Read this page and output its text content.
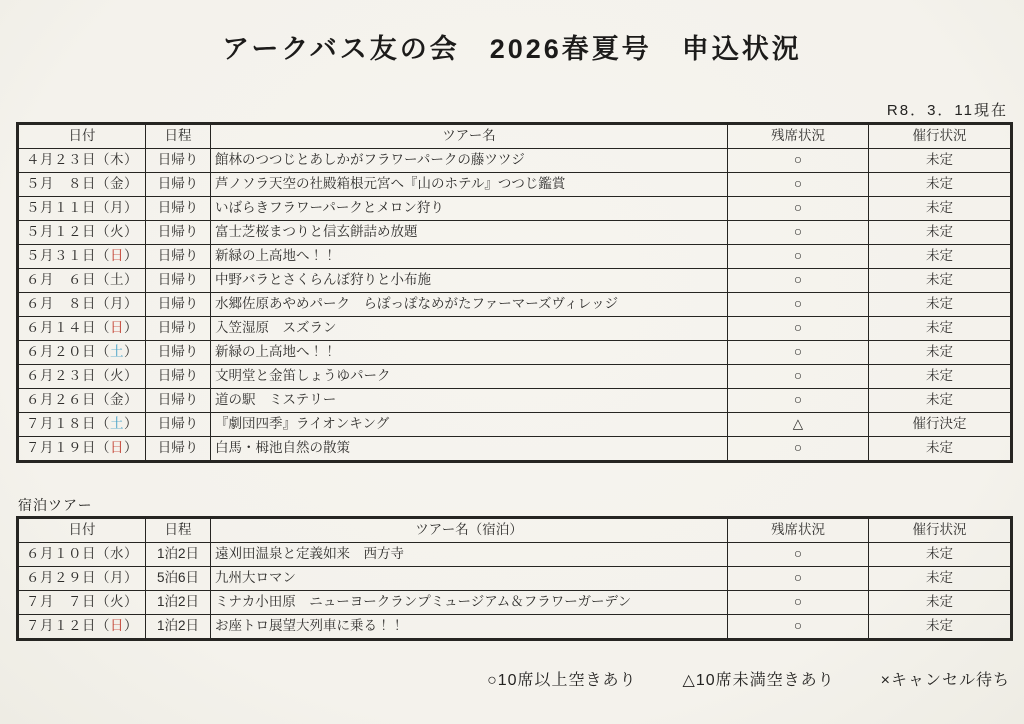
アークバス友の会　2026春夏号　申込状況
R8．3．11現在
日付	日程	ツアー名	残席状況	催行状況
４月２３日（木）	日帰り	館林のつつじとあしかがフラワーパークの藤ツツジ	○	未定
５月　８日（金）	日帰り	芦ノソラ天空の社殿箱根元宮へ『山のホテル』つつじ鑑賞	○	未定
５月１１日（月）	日帰り	いばらきフラワーパークとメロン狩り	○	未定
５月１２日（火）	日帰り	富士芝桜まつりと信玄餅詰め放題	○	未定
５月３１日（日）	日帰り	新緑の上高地へ！！	○	未定
６月　６日（土）	日帰り	中野バラとさくらんぼ狩りと小布施	○	未定
６月　８日（月）	日帰り	水郷佐原あやめパーク　らぽっぽなめがたファーマーズヴィレッジ	○	未定
６月１４日（日）	日帰り	入笠湿原　スズラン	○	未定
６月２０日（土）	日帰り	新緑の上高地へ！！	○	未定
６月２３日（火）	日帰り	文明堂と金笛しょうゆパーク	○	未定
６月２６日（金）	日帰り	道の駅　ミステリー	○	未定
７月１８日（土）	日帰り	『劇団四季』ライオンキング	△	催行決定
７月１９日（日）	日帰り	白馬・栂池自然の散策	○	未定
宿泊ツアー
日付	日程	ツアー名（宿泊）	残席状況	催行状況
６月１０日（水）	1泊2日	遠刈田温泉と定義如来　西方寺	○	未定
６月２９日（月）	5泊6日	九州大ロマン	○	未定
７月　７日（火）	1泊2日	ミナカ小田原　ニューヨークランプミュージアム＆フラワーガーデン	○	未定
７月１２日（日）	1泊2日	お座トロ展望大列車に乗る！！	○	未定
○10席以上空きあり	△10席未満空きあり	×キャンセル待ち
